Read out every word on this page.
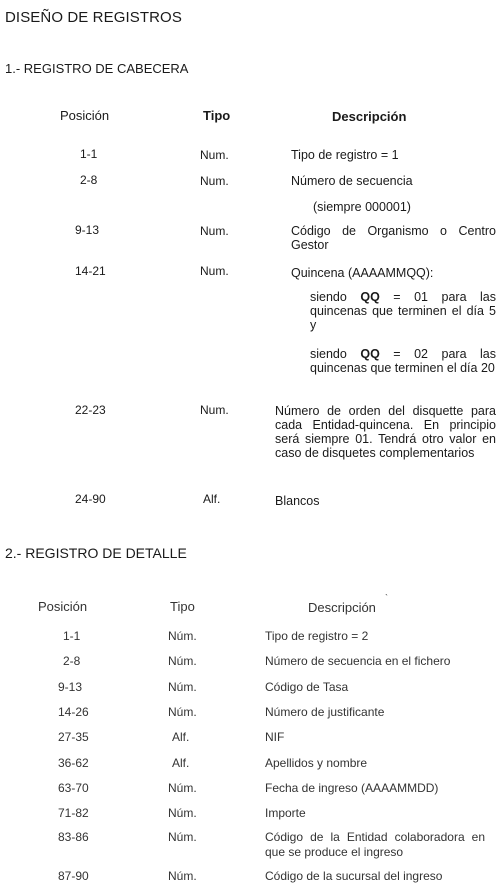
DISEÑO DE REGISTROS
1.- REGISTRO DE CABECERA
Posición	Tipo	Descripción
1-1	Num.	Tipo de registro = 1
2-8	Num.	Número de secuencia
(siempre 000001)
9-13	Num.	Código de Organismo o Centro Gestor
14-21	Num.	Quincena (AAAAMMQQ):
siendo QQ = 01 para las quincenas que terminen el día 5 y
siendo QQ = 02 para las quincenas que terminen el día 20
22-23	Num.	Número de orden del disquette para cada Entidad-quincena. En principio será siempre 01. Tendrá otro valor en caso de disquetes complementarios
24-90	Alf.	Blancos
2.- REGISTRO DE DETALLE
Posición	Tipo	Descripción
`
1-1	Núm.	Tipo de registro = 2
2-8	Núm.	Número de secuencia en el fichero
9-13	Núm.	Código de Tasa
14-26	Núm.	Número de justificante
27-35	Alf.	NIF
36-62	Alf.	Apellidos y nombre
63-70	Núm.	Fecha de ingreso (AAAAMMDD)
71-82	Núm.	Importe
83-86	Núm.	Código de la Entidad colaboradora en que se produce el ingreso
87-90	Núm.	Código de la sucursal del ingreso
